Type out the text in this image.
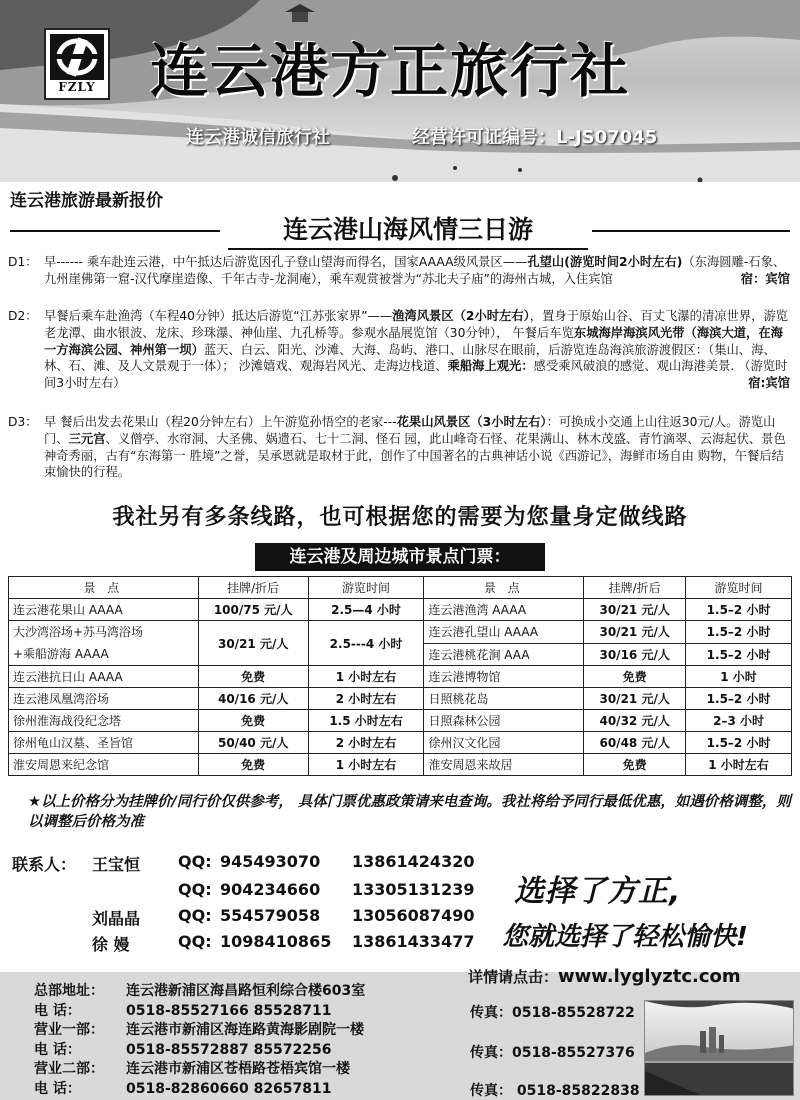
FZLY 连云港方正旅行社
连云港诚信旅行社	经营许可证编号：L-JS07045
连云港旅游最新报价
连云港山海风情三日游
D1： 早------ 乘车赴连云港，中午抵达后游览因孔子登山望海而得名，国家AAAA级风景区——孔望山(游览时间2小时左右)（东海圆雕-石象、九州崖佛第一窟-汉代摩崖造像、千年古寺-龙洞庵），乘车观赏被誉为“苏北夫子庙”的海州古城，入住宾馆	宿：宾馆
D2： 早餐后乘车赴渔湾（车程40分钟）抵达后游览“江苏张家界”——渔湾风景区（2小时左右），置身于原始山谷、百丈飞瀑的清凉世界，游览老龙潭、曲水银波、龙床、珍珠瀑、神仙崖、九孔桥等。参观水晶展览馆（30分钟）， 午餐后车览东城海岸海滨风光带（海滨大道，在海一方海滨公园、神州第一坝）蓝天、白云、阳光、沙滩、大海、岛屿、港口、山脉尽在眼前，后游览连岛海滨旅游渡假区：（集山、海、林、石、滩、及人文景观于一体）； 沙滩嬉戏、观海岩风光、走海边栈道、乘船海上观光：感受乘风破浪的感觉、观山海港美景. （游览时间3小时左右）	宿:宾馆
D3： 早 餐后出发去花果山（程20分钟左右）上午游览孙悟空的老家---花果山风景区（3小时左右）：可换成小交通上山往返30元/人。游览山门、三元宫、义僧亭、水帘洞、大圣佛、娲遗石、七十二洞、怪石 园，此山峰奇石怪、花果满山、林木茂盛、青竹滴翠、云海起伏、景色神奇秀丽，古有“东海第一 胜境”之誉，吴承恩就是取材于此，创作了中国著名的古典神话小说《西游记》，海鲜市场自由 购物，午餐后结束愉快的行程。
我社另有多条线路，也可根据您的需要为您量身定做线路
连云港及周边城市景点门票：
景 点	挂牌/折后	游览时间	景 点	挂牌/折后	游览时间
连云港花果山 AAAA	100/75 元/人	2.5—4 小时	连云港渔湾 AAAA	30/21 元/人	1.5–2 小时
大沙湾浴场+苏马湾浴场
+乘船游海 AAAA	30/21 元/人	2.5---4 小时	连云港孔望山 AAAA	30/21 元/人	1.5–2 小时
			连云港桃花涧 AAA	30/16 元/人	1.5–2 小时
连云港抗日山 AAAA	免费	1 小时左右	连云港博物馆	免费	1 小时
连云港凤凰湾浴场	40/16 元/人	2 小时左右	日照桃花岛	30/21 元/人	1.5–2 小时
徐州淮海战役纪念塔	免费	1.5 小时左右	日照森林公园	40/32 元/人	2–3 小时
徐州龟山汉墓、圣旨馆	50/40 元/人	2 小时左右	徐州汉文化园	60/48 元/人	1.5–2 小时
淮安周恩来纪念馆	免费	1 小时左右	淮安周恩来故居	免费	1 小时左右
★以上价格分为挂牌价/同行价仅供参考， 具体门票优惠政策请来电查询。我社将给予同行最低优惠，如遇价格调整，则以调整后价格为准
联系人： 王宝恒 QQ: 945493070 13861424320
QQ: 904234660 13305131239
刘晶晶 QQ: 554579058 13056087490
徐 嫚	QQ: 1098410865 13861433477
选择了方正,
您就选择了轻松愉快!
详情请点击：www.lyglyztc.com
总部地址： 连云港新浦区海昌路恒利综合楼603室
电 话：	0518-85527166 85528711
营业一部： 连云港市新浦区海连路黄海影剧院一楼
电 话：	0518-85572887 85572256
营业二部： 连云港市新浦区苍梧路苍梧宾馆一楼
电 话：	0518-82860660 82657811
传真：0518-85528722
传真：0518-85527376
传真： 0518-85822838
